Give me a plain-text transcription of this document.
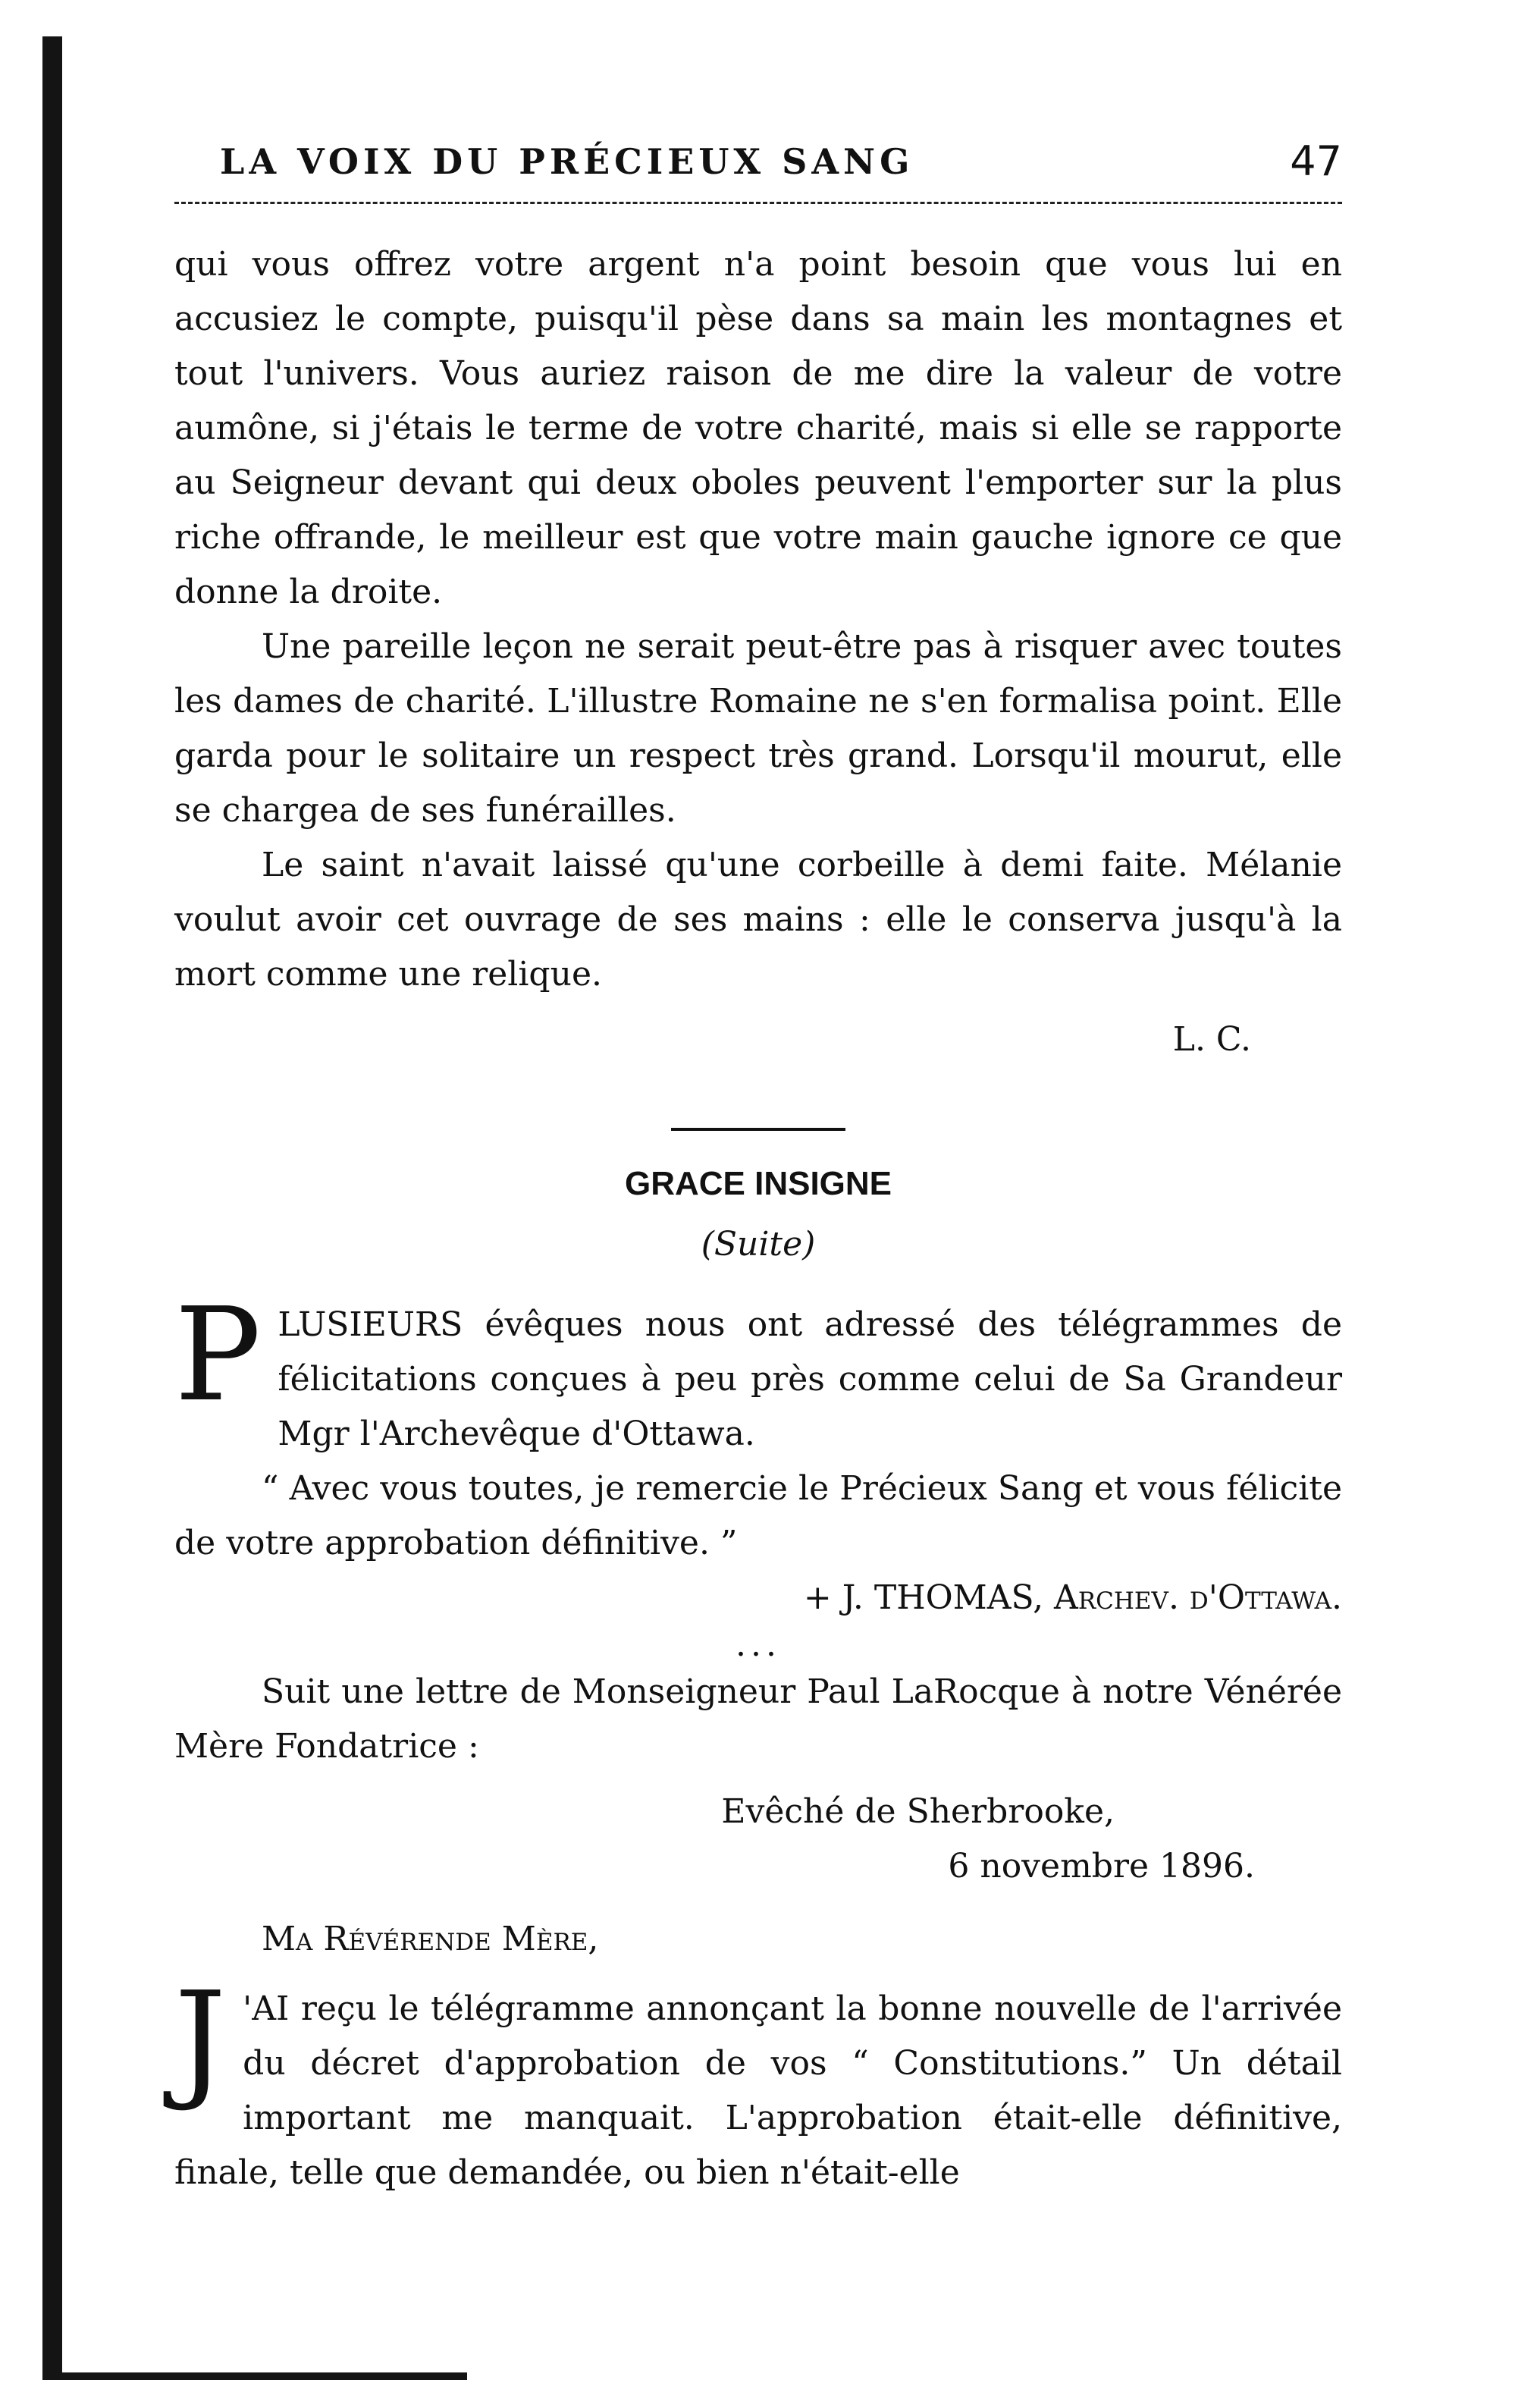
LA VOIX DU PRÉCIEUX SANG	47

qui vous offrez votre argent n'a point besoin que vous lui en accusiez le compte, puisqu'il pèse dans sa main les montagnes et tout l'univers. Vous auriez raison de me dire la valeur de votre aumône, si j'étais le terme de votre charité, mais si elle se rapporte au Seigneur devant qui deux oboles peuvent l'emporter sur la plus riche offrande, le meilleur est que votre main gauche ignore ce que donne la droite.

Une pareille leçon ne serait peut-être pas à risquer avec toutes les dames de charité. L'illustre Romaine ne s'en formalisa point. Elle garda pour le solitaire un respect très grand. Lorsqu'il mourut, elle se chargea de ses funérailles.

Le saint n'avait laissé qu'une corbeille à demi faite. Mélanie voulut avoir cet ouvrage de ses mains : elle le conserva jusqu'à la mort comme une relique.

L. C.

GRACE INSIGNE

(Suite)

PLUSIEURS évêques nous ont adressé des télégrammes de félicitations conçues à peu près comme celui de Sa Grandeur Mgr l'Archevêque d'Ottawa.

“ Avec vous toutes, je remercie le Précieux Sang et vous félicite de votre approbation définitive. ”

+ J. THOMAS, Archev. d'Ottawa.

...

Suit une lettre de Monseigneur Paul LaRocque à notre Vénérée Mère Fondatrice :

Evêché de Sherbrooke,

6 novembre 1896.

Ma Révérende Mère,

J 'AI reçu le télégramme annonçant la bonne nouvelle de l'arrivée du décret d'approbation de vos “ Constitutions.” Un détail important me manquait. L'approbation était-elle définitive, finale, telle que demandée, ou bien n'était-elle
